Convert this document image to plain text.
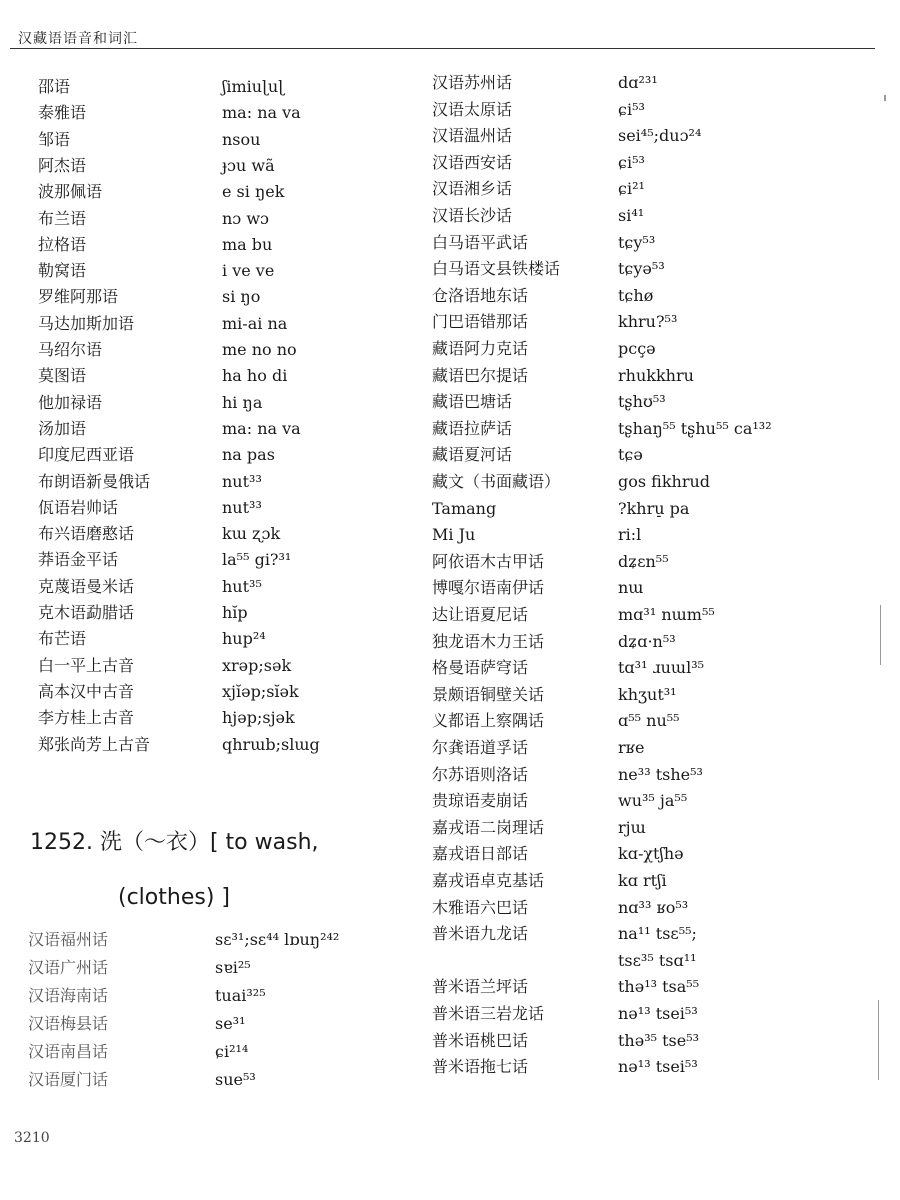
汉藏语语音和词汇
邵语	ʃimiuɭuɭ
泰雅语	ma: na va
邹语	nsou
阿杰语	ɟɔu wã
波那佩语	e si ŋek
布兰语	nɔ wɔ
拉格语	ma bu
勒窝语	i ve ve
罗维阿那语	si ŋo
马达加斯加语	mi-ai na
马绍尔语	me no no
莫图语	ha ho di
他加禄语	hi ŋa
汤加语	ma: na va
印度尼西亚语	na pas
布朗语新曼俄话	nut³³
佤语岩帅话	nut³³
布兴语磨憨话	kɯ ʐɔk
莽语金平话	la⁵⁵ gi?³¹
克蔑语曼米话	hut³⁵
克木语勐腊话	hĭp
布芒语	hup²⁴
白一平上古音	xrəp;sək
高本汉中古音	xjĭəp;sĭək
李方桂上古音	hjəp;sjək
郑张尚芳上古音	qhrɯb;slɯg
汉语苏州话	dɑ²³¹
汉语太原话	ɕi⁵³
汉语温州话	sei⁴⁵;duɔ²⁴
汉语西安话	ɕi⁵³
汉语湘乡话	ɕi²¹
汉语长沙话	si⁴¹
白马语平武话	tɕy⁵³
白马语文县铁楼话	tɕyə⁵³
仓洛语地东话	tɕhø
门巴语错那话	khru?⁵³
藏语阿力克话	pcçə
藏语巴尔提话	rhukkhru
藏语巴塘话	tʂhʊ⁵³
藏语拉萨话	tʂhaŋ⁵⁵ tʂhu⁵⁵ ca¹³²
藏语夏河话	tɕə
藏文（书面藏语）	gos fikhrud
Tamang	?khru̠ pa
Mi Ju	ri:l
阿依语木古甲话	dʑɛn⁵⁵
博嘎尔语南伊话	nɯ
达让语夏尼话	mɑ³¹ nɯm⁵⁵
独龙语木力王话	dʑɑ·n⁵³
格曼语萨穹话	tɑ³¹ ɹuɯl³⁵
景颇语铜壁关话	khʒut³¹
义都语上察隅话	ɑ⁵⁵ nu⁵⁵
尔龚语道孚话	rʁe
尔苏语则洛话	ne³³ tshe⁵³
贵琼语麦崩话	wu³⁵ ja⁵⁵
嘉戎语二岗理话	rjɯ
嘉戎语日部话	kɑ-χtʃhə
嘉戎语卓克基话	kɑ rtʃi
木雅语六巴话	nɑ³³ ʁo⁵³
普米语九龙话	na¹¹ tsɛ⁵⁵;
tsɛ³⁵ tsɑ¹¹
普米语兰坪话	thə¹³ tsa⁵⁵
普米语三岩龙话	nə¹³ tsei⁵³
普米语桃巴话	thə³⁵ tse⁵³
普米语拖七话	nə¹³ tsei⁵³
1252. 洗（～衣）[ to wash,
(clothes) ]
汉语福州话	sɛ³¹;sɛ⁴⁴ lɒuŋ²⁴²
汉语广州话	sɐi²⁵
汉语海南话	tuai³²⁵
汉语梅县话	se³¹
汉语南昌话	ɕi²¹⁴
汉语厦门话	sue⁵³
3210
